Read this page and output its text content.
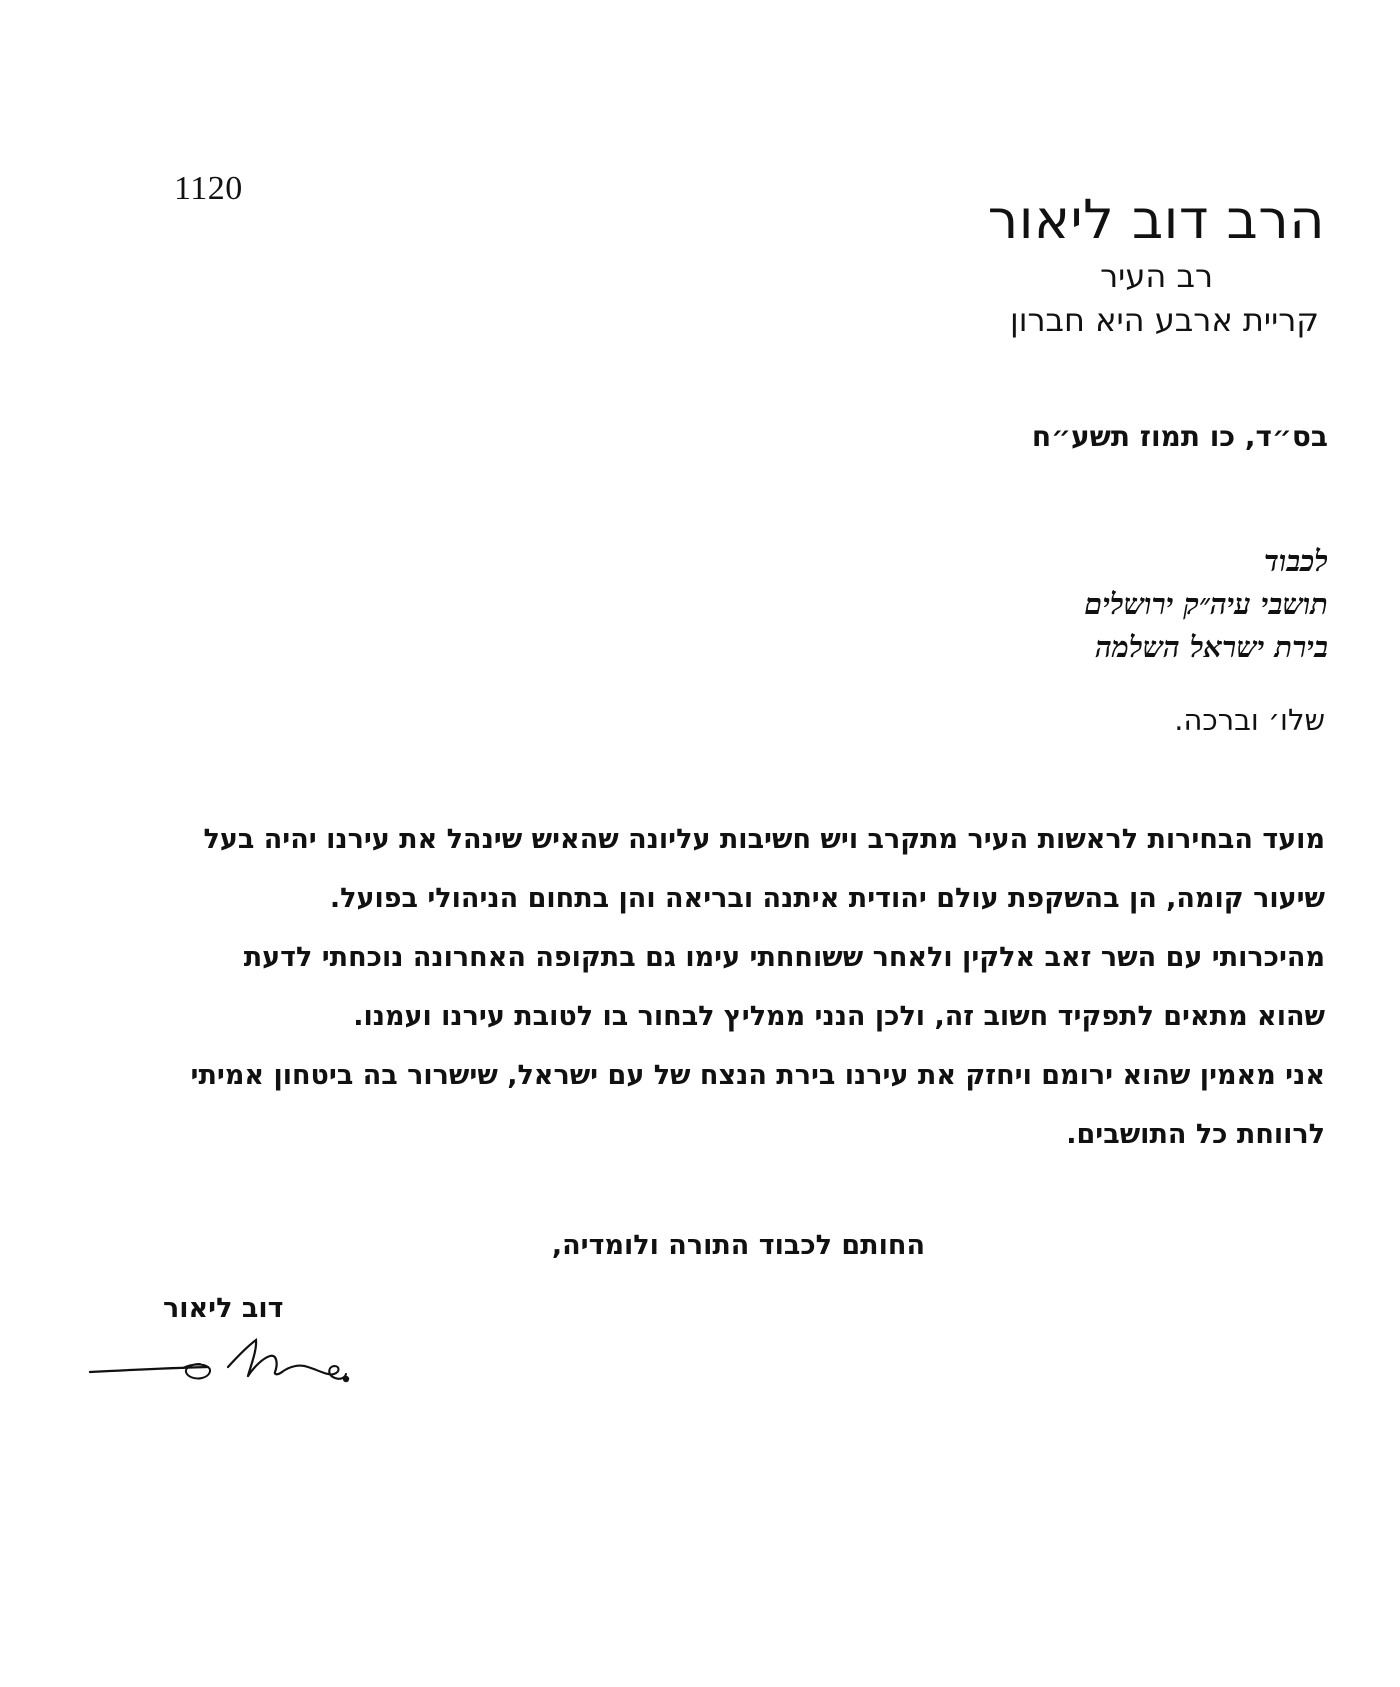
1120	הרב דוב ליאור
רב העיר
קריית ארבע היא חברון
בס״ד, כו תמוז תשע״ח
לכבוד
תושבי עיה״ק ירושלים
בירת ישראל השלמה
שלו׳ וברכה.
מועד הבחירות לראשות העיר מתקרב ויש חשיבות עליונה שהאיש שינהל את עירנו יהיה בעל
שיעור קומה, הן בהשקפת עולם יהודית איתנה ובריאה והן בתחום הניהולי בפועל.
מהיכרותי עם השר זאב אלקין ולאחר ששוחחתי עימו גם בתקופה האחרונה נוכחתי לדעת
שהוא מתאים לתפקיד חשוב זה, ולכן הנני ממליץ לבחור בו לטובת עירנו ועמנו.
אני מאמין שהוא ירומם ויחזק את עירנו בירת הנצח של עם ישראל, שישרור בה ביטחון אמיתי
לרווחת כל התושבים.
החותם לכבוד התורה ולומדיה,
דוב ליאור
